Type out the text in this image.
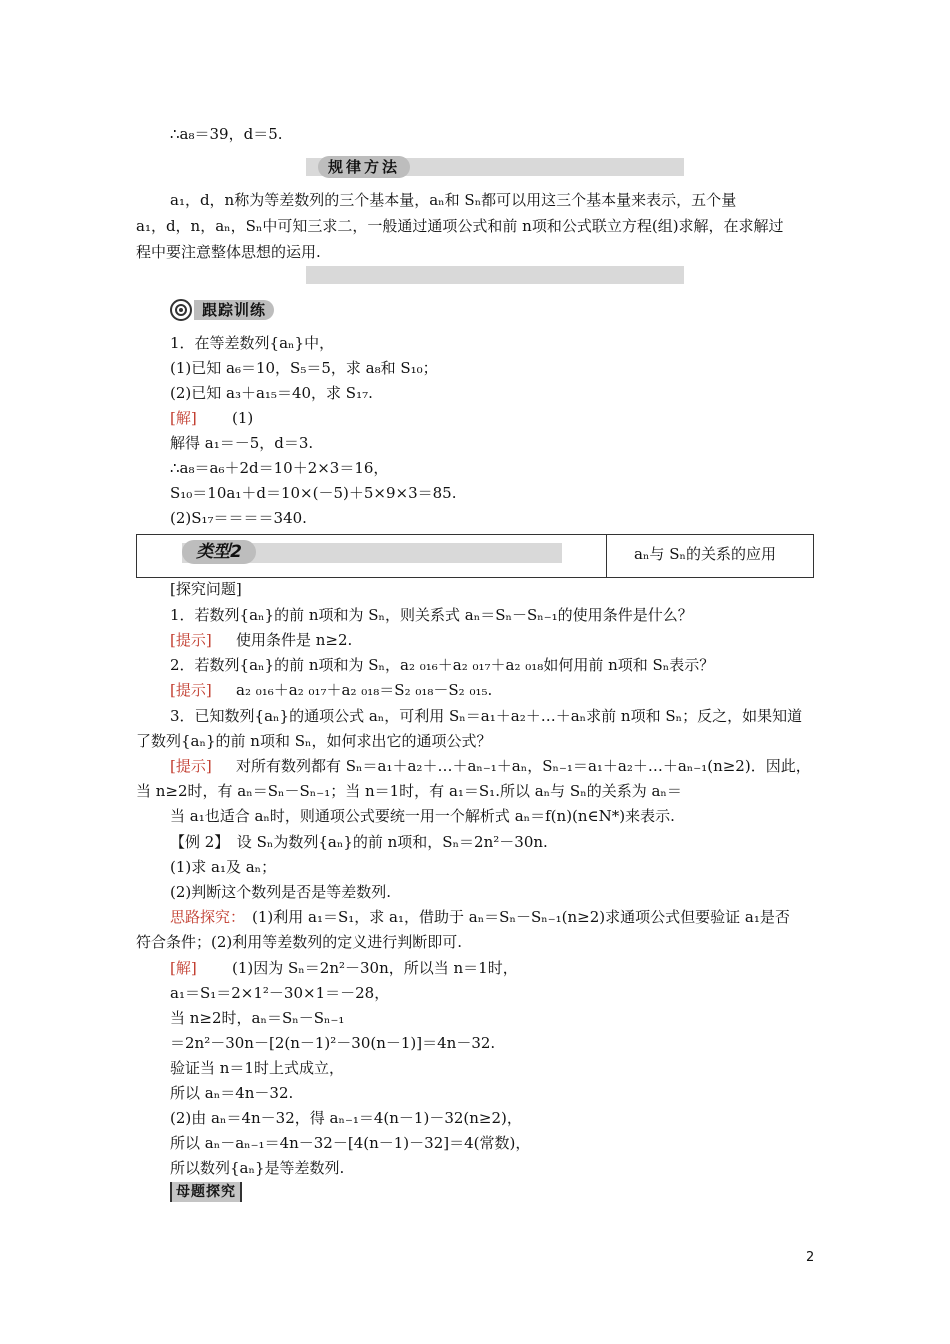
规律方法
跟踪训练
类型2	aₙ与 Sₙ的关系的应用
母题探究
∴a₈＝39，d＝5.
a₁，d，n称为等差数列的三个基本量，aₙ和 Sₙ都可以用这三个基本量来表示，五个量
a₁，d，n，aₙ，Sₙ中可知三求二，一般通过通项公式和前 n项和公式联立方程(组)求解，在求解过
程中要注意整体思想的运用.
1．在等差数列{aₙ}中，
(1)已知 a₆＝10，S₅＝5，求 a₈和 S₁₀；
(2)已知 a₃＋a₁₅＝40，求 S₁₇.
(1)
解得 a₁＝－5，d＝3.
∴a₈＝a₆＋2d＝10＋2×3＝16，
S₁₀＝10a₁＋d＝10×(－5)＋5×9×3＝85.
(2)S₁₇＝＝＝＝340.
[探究问题]
1．若数列{aₙ}的前 n项和为 Sₙ，则关系式 aₙ＝Sₙ－Sₙ₋₁的使用条件是什么？
使用条件是 n≥2.
2．若数列{aₙ}的前 n项和为 Sₙ，a₂ ₀₁₆＋a₂ ₀₁₇＋a₂ ₀₁₈如何用前 n项和 Sₙ表示？
a₂ ₀₁₆＋a₂ ₀₁₇＋a₂ ₀₁₈＝S₂ ₀₁₈－S₂ ₀₁₅.
3．已知数列{aₙ}的通项公式 aₙ，可利用 Sₙ＝a₁＋a₂＋…＋aₙ求前 n项和 Sₙ；反之，如果知道
了数列{aₙ}的前 n项和 Sₙ，如何求出它的通项公式？
对所有数列都有 Sₙ＝a₁＋a₂＋…＋aₙ₋₁＋aₙ，Sₙ₋₁＝a₁＋a₂＋…＋aₙ₋₁(n≥2)．因此，
当 n≥2时，有 aₙ＝Sₙ－Sₙ₋₁；当 n＝1时，有 a₁＝S₁.所以 aₙ与 Sₙ的关系为 aₙ＝
当 a₁也适合 aₙ时，则通项公式要统一用一个解析式 aₙ＝f(n)(n∈N*)来表示.
【例 2】　设 Sₙ为数列{aₙ}的前 n项和，Sₙ＝2n²－30n.
(1)求 a₁及 aₙ；
(2)判断这个数列是否是等差数列.
(1)利用 a₁＝S₁，求 a₁，借助于 aₙ＝Sₙ－Sₙ₋₁(n≥2)求通项公式但要验证 a₁是否
符合条件；(2)利用等差数列的定义进行判断即可.
(1)因为 Sₙ＝2n²－30n，所以当 n＝1时，
a₁＝S₁＝2×1²－30×1＝－28，
当 n≥2时，aₙ＝Sₙ－Sₙ₋₁
＝2n²－30n－[2(n－1)²－30(n－1)]＝4n－32.
验证当 n＝1时上式成立，
所以 aₙ＝4n－32.
(2)由 aₙ＝4n－32，得 aₙ₋₁＝4(n－1)－32(n≥2)，
所以 aₙ－aₙ₋₁＝4n－32－[4(n－1)－32]＝4(常数)，
所以数列{aₙ}是等差数列.
[解]
[提示]
[提示]
[提示]
思路探究：
[解]
2
